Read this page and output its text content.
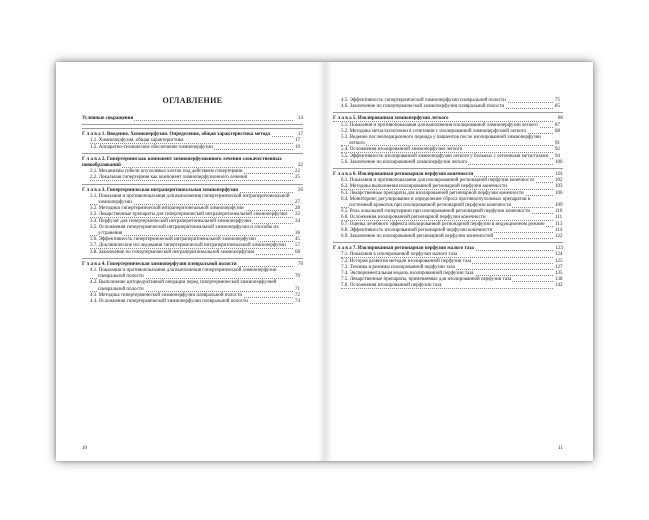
ОГЛАВЛЕНИЕ
Условные сокращения	14
Г л а в а 1. Введение. Химиоперфузия. Определение, общая характеристика метода	17
1.1. Химиоперфузия, общая характеристика	17
1.2. Аппаратно-техническое обеспечение химиоперфузии	19
Г л а в а 2. Гипертермия как компонент химиоперфузионного лечения злокачественных новообразований	22
2.1. Механизмы гибели опухолевых клеток под действием гипертермии	22
2.2. Локальная гипертермия как компонент химиоперфузионного лечения	25
Г л а в а 3. Гипертермическая интраперитонеальная химиоперфузия	26
3.1. Показания и противопоказания для выполнения гипертермической интраперитонеальной химиоперфузии	27
3.2. Методики гипертермической интраперитонеальной химиоперфузии	28
3.3. Лекарственные препараты для гипертермической интраперитонеальной химиоперфузии 32
3.4. Перфузат для гипертермической интраперитонеальной химиоперфузии	34
3.5. Осложнения гипертермической интраперитонеальной химиоперфузии и способы их устранения	36
3.6. Эффективность гипертермической интраперитонеальной химиоперфузии	45
3.7. Доклинические исследования гипертермической интраперитонеальной химиоперфузии 57
3.8. Заключение по гипертермической интраперитонеальной химиоперфузии	68
Г л а в а 4. Гипертермическая химиоперфузия плевральной полости	70
4.1. Показания и противопоказания для выполнения гипертермической химиоперфузии плевральной полости	70
4.2. Выполнение циторедуктивной операции перед гипертермической химиоперфузией плевральной полости	71
4.3. Методика гипертермической химиоперфузии плевральной полости	72
4.4. Осложнения гипертермической химиоперфузии плевральной полости	74
10
4.5. Эффективность гипертермической химиоперфузии плевральной полости	75
4.6. Заключение по гипертермической химиоперфузии плевральной полости	85
Г л а в а 5. Изолированная химиоперфузия легкого	86
5.1. Показания и противопоказания для выполнения изолированной химиоперфузии легкого	87
5.2. Методика метастазэктомии в сочетании с изолированной химиоперфузией легкого	88
5.3. Ведение послеоперационного периода у пациентов после изолированной химиоперфузии легкого	91
5.4. Осложнения изолированной химиоперфузии легкого	92
5.5. Эффективность изолированной химиоперфузии легкого у больных с легочными метастазами 94
5.6. Заключение по изолированной химиоперфузии легкого	100
Г л а в а 6. Изолированная регионарная перфузия конечности	101
6.1. Показания и противопоказания для изолированной регионарной перфузии конечности	102
6.2. Методика выполнения изолированной регионарной перфузии конечности	103
6.3. Лекарственные препараты для изолированной регионарной перфузии конечности	106
6.4. Мониторинг, регулирование и определение сброса противоопухолевых препаратов в системный кровоток при изолированной регионарной перфузии конечности	109
6.5. Роль локальной гипертермии при изолированной регионарной перфузии конечности	110
6.6. Осложнения изолированной регионарной перфузии конечности	111
6.7. Оценка лечебного эффекта изолированной регионарной перфузии в индукционном режиме 113
6.8. Эффективность изолированной регионарной перфузии конечности	114
6.9. Заключение по изолированной регионарной перфузии конечностей	122
Г л а в а 7. Изолированная регионарная перфузия малого таза	123
7.1. Показания к изолированной перфузии малого таза	124
7.2. История развития методов изолированной перфузии таза	125
7.3. Техника и режимы изолированной перфузии таза	127
7.4. Экспериментальная модель изолированной перфузии таза	135
7.5. Лекарственные препараты, применяемые для изолированной перфузии таза	138
7.6. Осложнения изолированной перфузии таза	142
11
